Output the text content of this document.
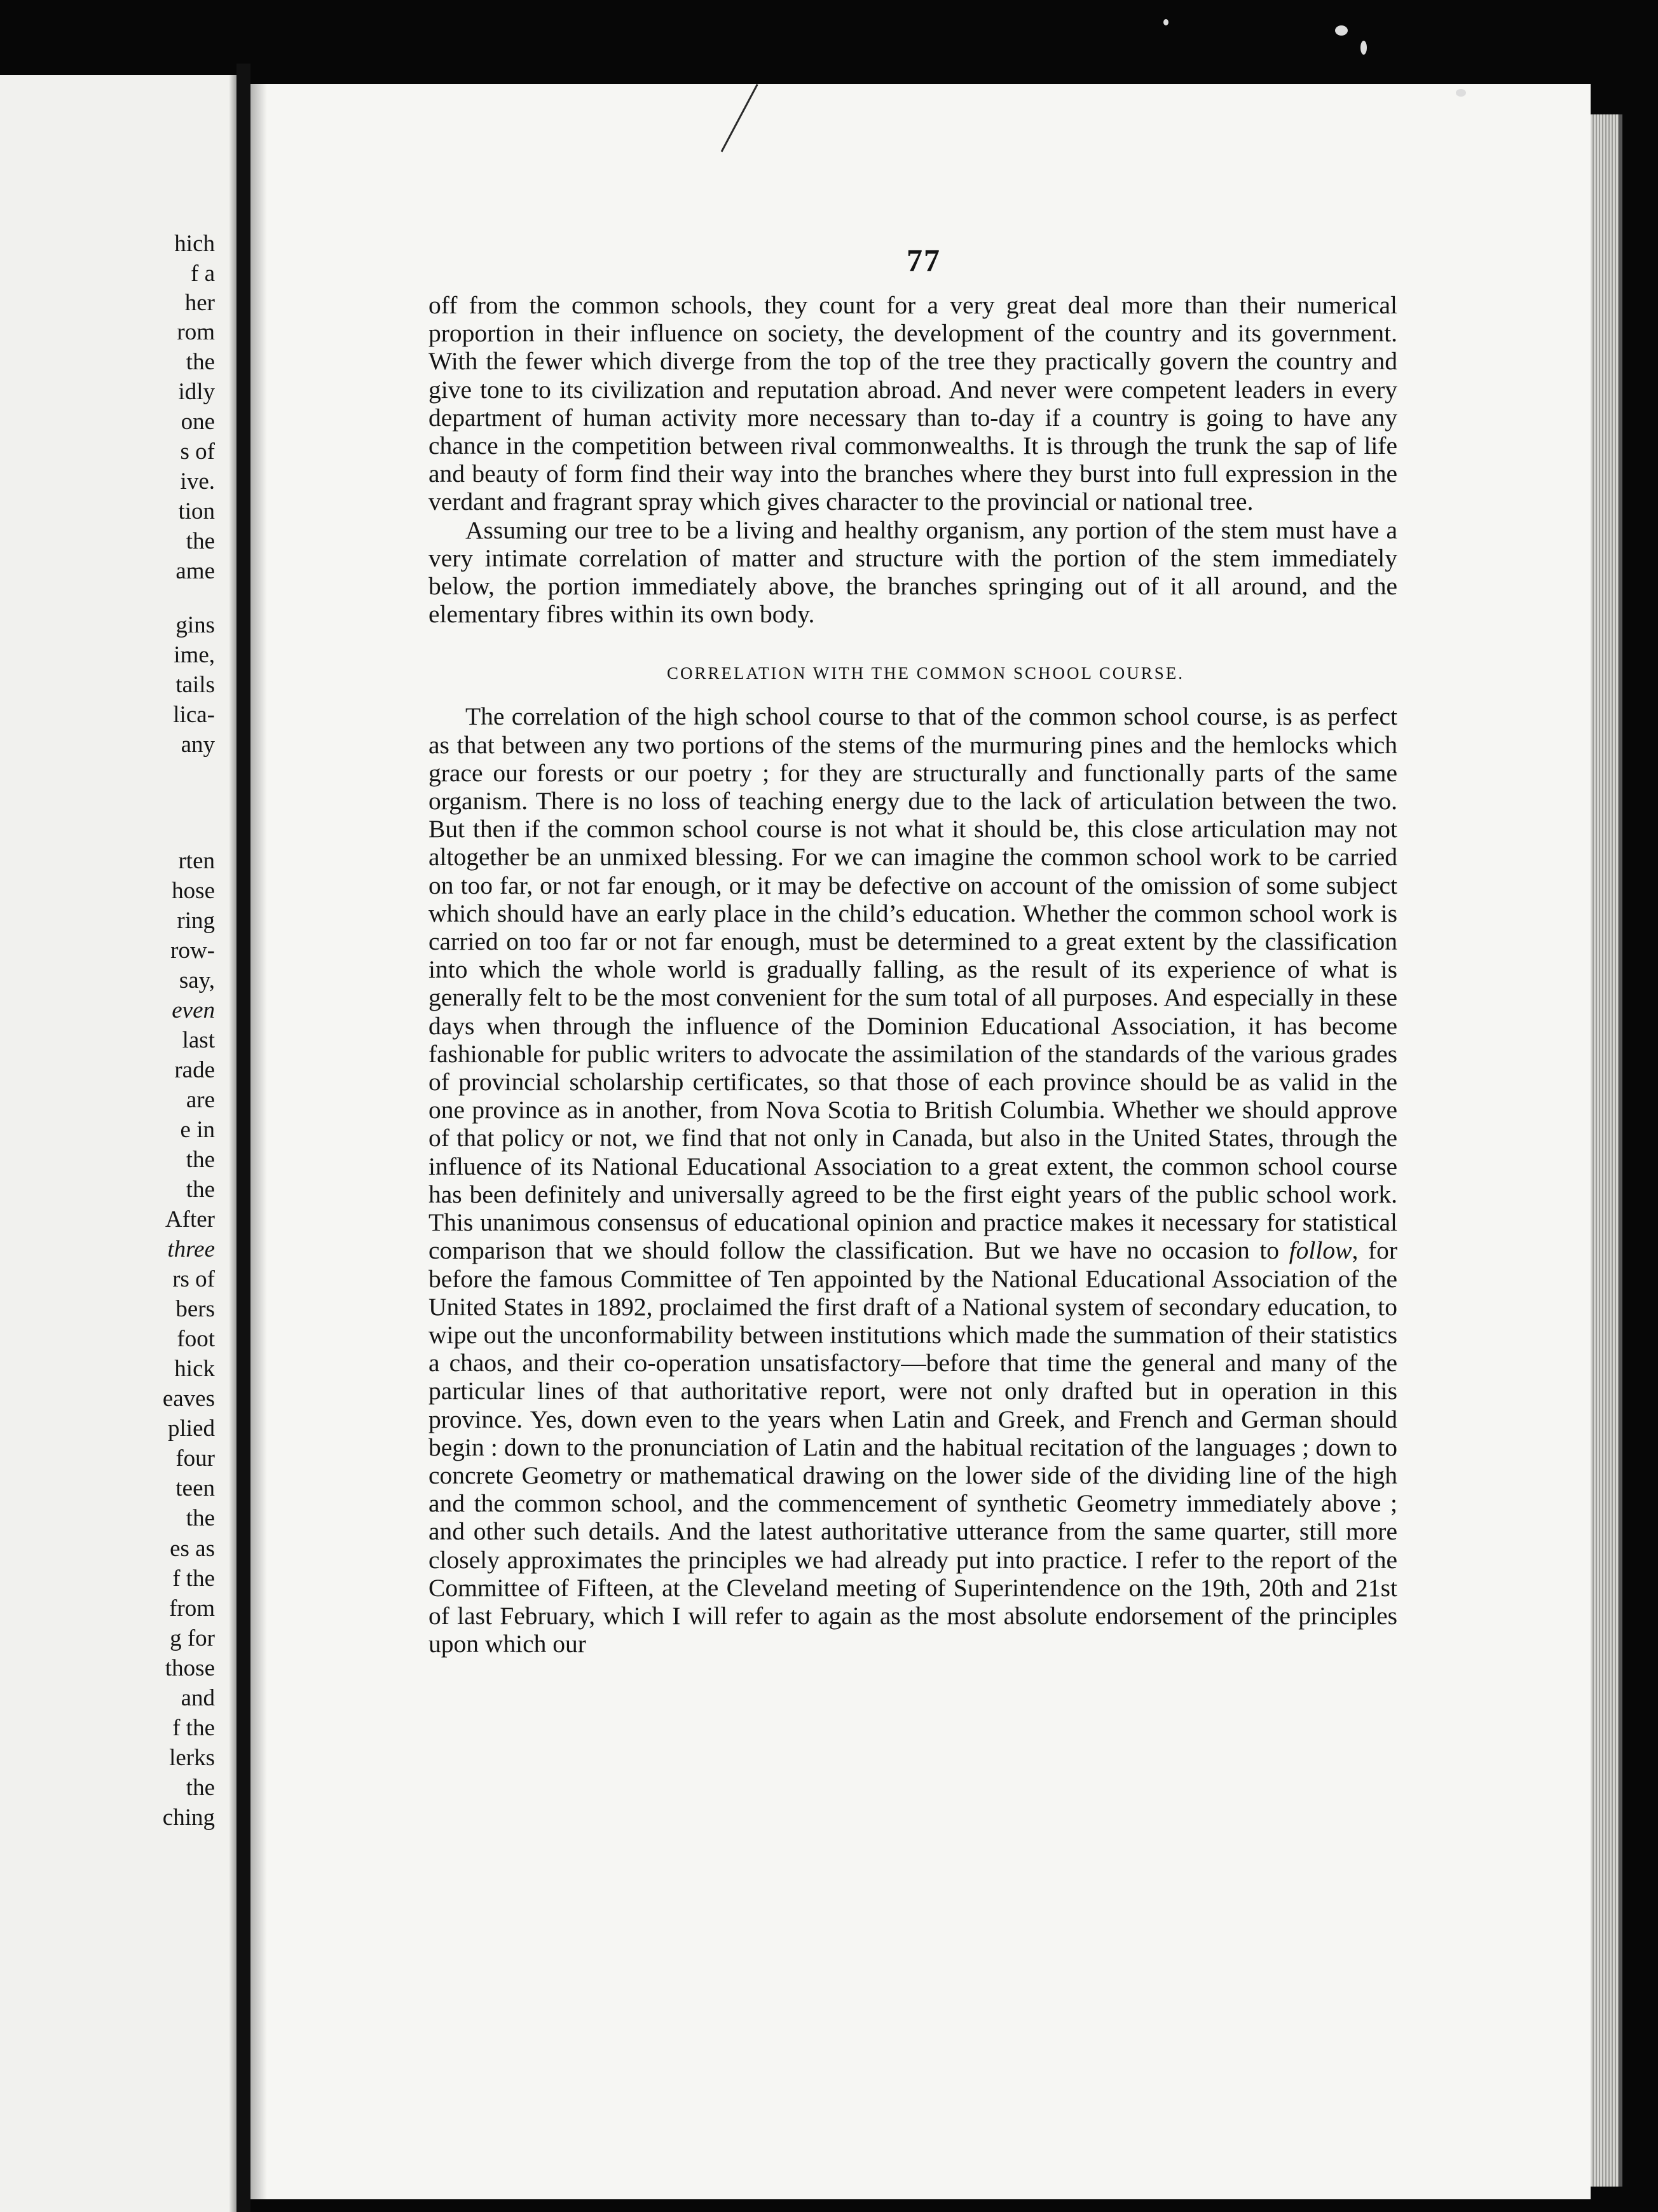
hich
f a
her
rom
the
idly
one
s of
ive.
tion
the
ame
gins
ime,
tails
lica-
any
rten
hose
ring
row-
say,
even
last
rade
are
e in
the
the
After
three
rs of
bers
foot
hick
eaves
plied
four
teen
the
es as
f the
from
g for
those
and
f the
lerks
the
ching
77

off from the common schools, they count for a very great deal more than their numerical proportion in their influence on society, the development of the country and its government. With the fewer which diverge from the top of the tree they practically govern the country and give tone to its civilization and reputation abroad. And never were competent leaders in every department of human activity more necessary than to-day if a country is going to have any chance in the competition between rival commonwealths. It is through the trunk the sap of life and beauty of form find their way into the branches where they burst into full expression in the verdant and fragrant spray which gives character to the provincial or national tree.

Assuming our tree to be a living and healthy organism, any portion of the stem must have a very intimate correlation of matter and structure with the portion of the stem immediately below, the portion immediately above, the branches springing out of it all around, and the elementary fibres within its own body.

CORRELATION WITH THE COMMON SCHOOL COURSE.

The correlation of the high school course to that of the common school course, is as perfect as that between any two portions of the stems of the murmuring pines and the hemlocks which grace our forests or our poetry ; for they are structurally and functionally parts of the same organism. There is no loss of teaching energy due to the lack of articulation between the two. But then if the common school course is not what it should be, this close articulation may not altogether be an unmixed blessing. For we can imagine the common school work to be carried on too far, or not far enough, or it may be defective on account of the omission of some subject which should have an early place in the child’s education. Whether the common school work is carried on too far or not far enough, must be determined to a great extent by the classification into which the whole world is gradually falling, as the result of its experience of what is generally felt to be the most convenient for the sum total of all purposes. And especially in these days when through the influence of the Dominion Educational Association, it has become fashionable for public writers to advocate the assimilation of the standards of the various grades of provincial scholarship certificates, so that those of each province should be as valid in the one province as in another, from Nova Scotia to British Columbia. Whether we should approve of that policy or not, we find that not only in Canada, but also in the United States, through the influence of its National Educational Association to a great extent, the common school course has been definitely and universally agreed to be the first eight years of the public school work. This unanimous consensus of educational opinion and practice makes it necessary for statistical comparison that we should follow the classification. But we have no occasion to follow, for before the famous Committee of Ten appointed by the National Educational Association of the United States in 1892, proclaimed the first draft of a National system of secondary education, to wipe out the unconformability between institutions which made the summation of their statistics a chaos, and their co-operation unsatisfactory—before that time the general and many of the particular lines of that authoritative report, were not only drafted but in operation in this province. Yes, down even to the years when Latin and Greek, and French and German should begin : down to the pronunciation of Latin and the habitual recitation of the languages ; down to concrete Geometry or mathematical drawing on the lower side of the dividing line of the high and the common school, and the commencement of synthetic Geometry immediately above ; and other such details. And the latest authoritative utterance from the same quarter, still more closely approximates the principles we had already put into practice. I refer to the report of the Committee of Fifteen, at the Cleveland meeting of Superintendence on the 19th, 20th and 21st of last February, which I will refer to again as the most absolute endorsement of the principles upon which our
